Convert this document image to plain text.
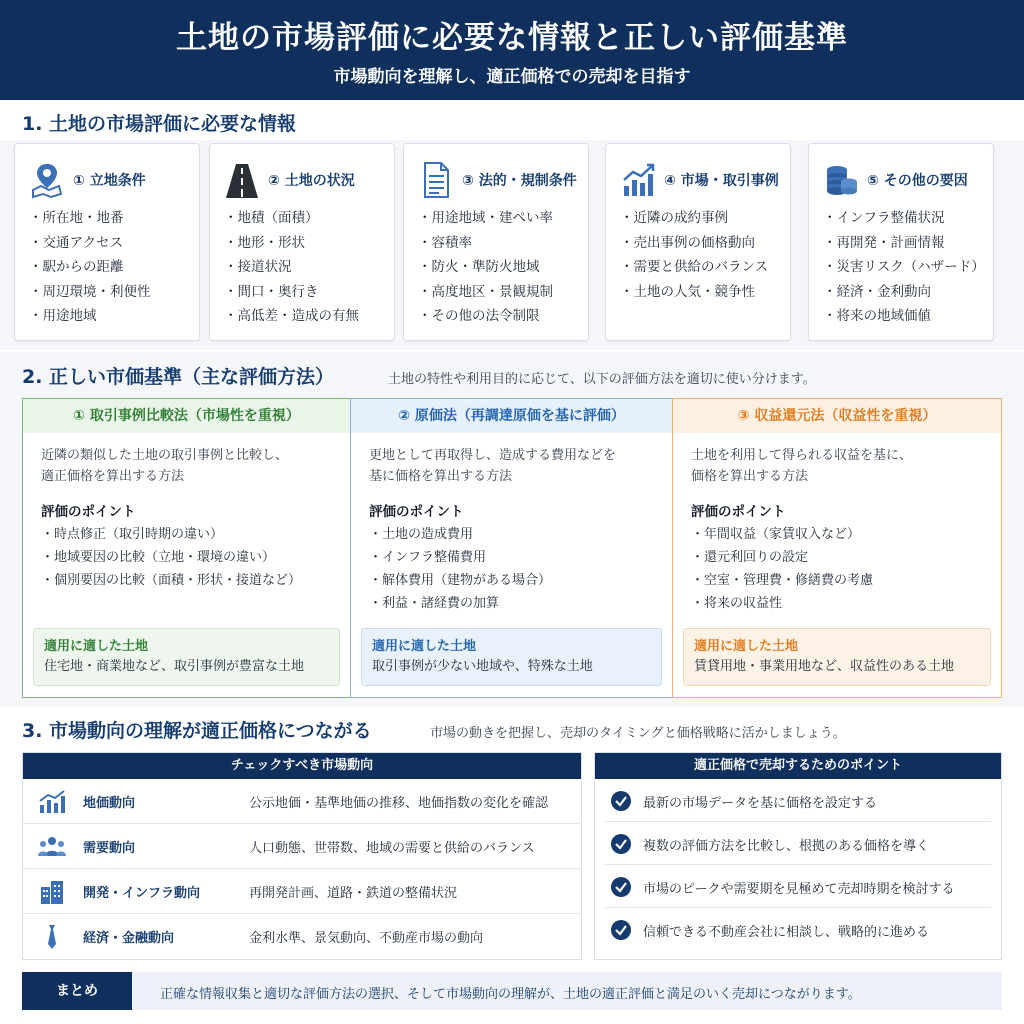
土地の市場評価に必要な情報と正しい評価基準
市場動向を理解し、適正価格での売却を目指す
1. 土地の市場評価に必要な情報
① 立地条件
・ 所在地・地番
・ 交通アクセス
・ 駅からの距離
・ 周辺環境・利便性
・ 用途地域
② 土地の状況
・ 地積（面積）
・ 地形・形状
・ 接道状況
・ 間口・奥行き
・ 高低差・造成の有無
③ 法的・規制条件
・ 用途地域・建ぺい率
・ 容積率
・ 防火・準防火地域
・ 高度地区・景観規制
・ その他の法令制限
④ 市場・取引事例
・ 近隣の成約事例
・ 売出事例の価格動向
・ 需要と供給のバランス
・ 土地の人気・競争性
⑤ その他の要因
・ インフラ整備状況
・ 再開発・計画情報
・ 災害リスク（ハザード）
・ 経済・金利動向
・ 将来の地域価値
2. 正しい市価基準（主な評価方法）	土地の特性や利用目的に応じて、以下の評価方法を適切に使い分けます。
① 取引事例比較法（市場性を重視）
近隣の類似した土地の取引事例と比較し、
適正価格を算出する方法
評価のポイント
・ 時点修正（取引時期の違い）
・ 地域要因の比較（立地・環境の違い）
・ 個別要因の比較（面積・形状・接道など）
適用に適した土地
住宅地・商業地など、取引事例が豊富な土地
② 原価法（再調達原価を基に評価）
更地として再取得し、造成する費用などを
基に価格を算出する方法
評価のポイント
・ 土地の造成費用
・ インフラ整備費用
・ 解体費用（建物がある場合）
・ 利益・諸経費の加算
適用に適した土地
取引事例が少ない地域や、特殊な土地
③ 収益還元法（収益性を重視）
土地を利用して得られる収益を基に、
価格を算出する方法
評価のポイント
・ 年間収益（家賃収入など）
・ 還元利回りの設定
・ 空室・管理費・修繕費の考慮
・ 将来の収益性
適用に適した土地
賃貸用地・事業用地など、収益性のある土地
3. 市場動向の理解が適正価格につながる	市場の動きを把握し、売却のタイミングと価格戦略に活かしましょう。
チェックすべき市場動向
地価動向	公示地価・基準地価の推移、地価指数の変化を確認
需要動向	人口動態、世帯数、地域の需要と供給のバランス
開発・インフラ動向	再開発計画、道路・鉄道の整備状況
経済・金融動向	金利水準、景気動向、不動産市場の動向
適正価格で売却するためのポイント
最新の市場データを基に価格を設定する
複数の評価方法を比較し、根拠のある価格を導く
市場のピークや需要期を見極めて売却時期を検討する
信頼できる不動産会社に相談し、戦略的に進める
まとめ	正確な情報収集と適切な評価方法の選択、そして市場動向の理解が、土地の適正評価と満足のいく売却につながります。
